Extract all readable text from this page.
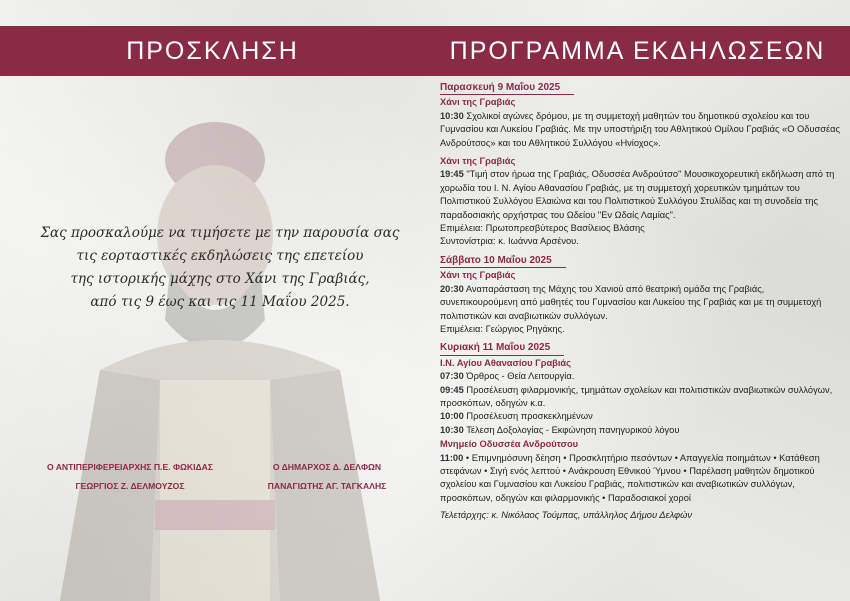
ΠΡΟΣΚΛΗΣΗ	ΠΡΟΓΡΑΜΜΑ ΕΚΔΗΛΩΣΕΩΝ
Σας προσκαλούμε να τιμήσετε με την παρουσία σας
τις εορταστικές εκδηλώσεις της επετείου
της ιστορικής μάχης στο Χάνι της Γραβιάς,
από τις 9 έως και τις 11 Μαΐου 2025.
Ο ΑΝΤΙΠΕΡΙΦΕΡΕΙΑΡΧΗΣ Π.Ε. ΦΩΚΙΔΑΣ
ΓΕΩΡΓΙΟΣ Ζ. ΔΕΛΜΟΥΖΟΣ
Ο ΔΗΜΑΡΧΟΣ Δ. ΔΕΛΦΩΝ
ΠΑΝΑΓΙΩΤΗΣ ΑΓ. ΤΑΓΚΑΛΗΣ
Παρασκευή 9 Μαΐου 2025
Χάνι της Γραβιάς
10:30 Σχολικοί αγώνες δρόμου, με τη συμμετοχή μαθητών του δημοτικού σχολείου και του Γυμνασίου και Λυκείου Γραβιάς. Με την υποστήριξη του Αθλητικού Ομίλου Γραβιάς «Ο Οδυσσέας Ανδρούτσος» και του Αθλητικού Συλλόγου «Ηνίοχος».
Χάνι της Γραβιάς
19:45 "Τιμή στον ήρωα της Γραβιάς, Οδυσσέα Ανδρούτσο" Μουσικοχορευτική εκδήλωση από τη χορωδία του Ι. Ν. Αγίου Αθανασίου Γραβιάς, με τη συμμετοχή χορευτικών τμημάτων του Πολιτιστικού Συλλόγου Ελαιώνα και του Πολιτιστικού Συλλόγου Στυλίδας και τη συνοδεία της παραδοσιακής ορχήστρας του Ωδείου "Εν Ωδαίς Λαμίας".
Επιμέλεια: Πρωτοπρεσβύτερος Βασίλειος Βλάσης
Συντονίστρια: κ. Ιωάννα Αρσένου.
Σάββατο 10 Μαΐου 2025
Χάνι της Γραβιάς
20:30 Αναπαράσταση της Μάχης του Χανιού από θεατρική ομάδα της Γραβιάς, συνεπικουρούμενη από μαθητές του Γυμνασίου και Λυκείου της Γραβιάς και με τη συμμετοχή πολιτιστικών και αναβιωτικών συλλόγων.
Επιμέλεια: Γεώργιος Ρηγάκης.
Κυριακή 11 Μαΐου 2025
Ι.Ν. Αγίου Αθανασίου Γραβιάς
07:30 Όρθρος - Θεία Λειτουργία.
09:45 Προσέλευση φιλαρμονικής, τμημάτων σχολείων και πολιτιστικών αναβιωτικών συλλόγων, προσκόπων, οδηγών κ.α.
10:00 Προσέλευση προσκεκλημένων
10:30 Τέλεση Δοξολογίας - Εκφώνηση πανηγυρικού λόγου
Μνημείο Οδυσσέα Ανδρούτσου
11:00 • Επιμνημόσυνη δέηση • Προσκλητήριο πεσόντων • Απαγγελία ποιημάτων • Κατάθεση στεφάνων • Σιγή ενός λεπτού • Ανάκρουση Εθνικού Ύμνου • Παρέλαση μαθητών δημοτικού σχολείου και Γυμνασίου και Λυκείου Γραβιάς, πολιτιστικών και αναβιωτικών συλλόγων, προσκόπων, οδηγών και φιλαρμονικής • Παραδοσιακοί χοροί
Τελετάρχης: κ. Νικόλαος Τούμπας, υπάλληλος Δήμου Δελφών
